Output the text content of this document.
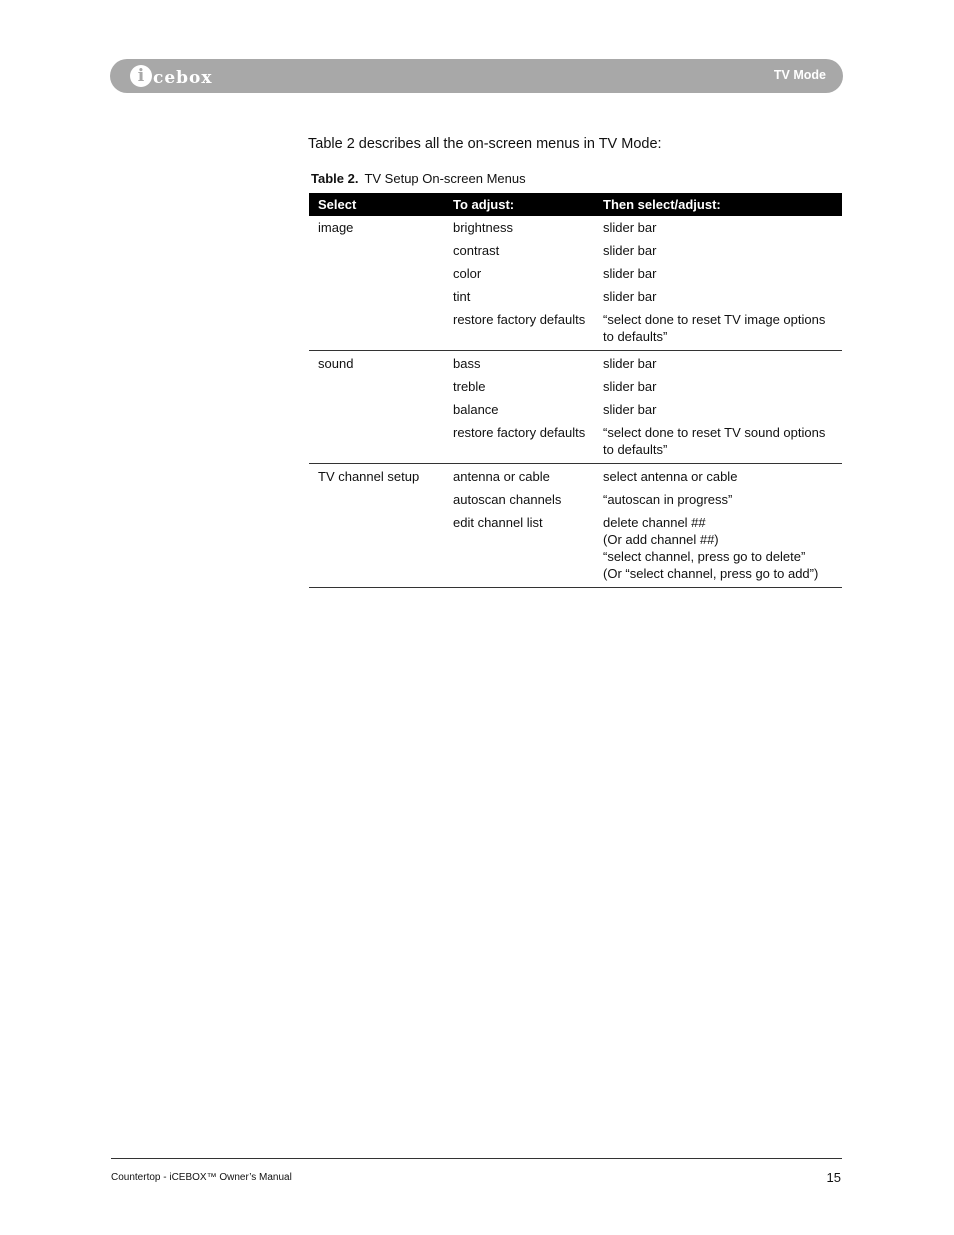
i cebox	TV Mode
Table 2 describes all the on-screen menus in TV Mode:
Table 2. TV Setup On-screen Menus
Select	To adjust:	Then select/adjust:
image	brightness	slider bar
	contrast	slider bar
	color	slider bar
	tint	slider bar
	restore factory defaults	“select done to reset TV image options to defaults”
sound	bass	slider bar
	treble	slider bar
	balance	slider bar
	restore factory defaults	“select done to reset TV sound options to defaults”
TV channel setup	antenna or cable	select antenna or cable
	autoscan channels	“autoscan in progress”
	edit channel list	delete channel ##
(Or add channel ##)
“select channel, press go to delete”
(Or “select channel, press go to add”)
Countertop - iCEBOX™ Owner’s Manual	15
